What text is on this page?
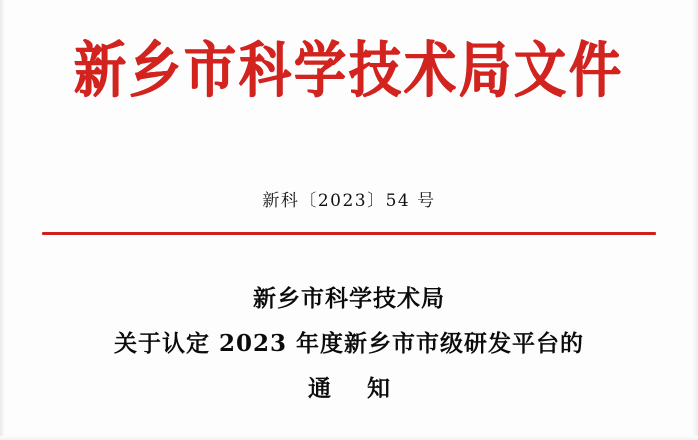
新乡市科学技术局文件
新科〔2023〕54 号
新乡市科学技术局
关于认定 2023 年度新乡市市级研发平台的
通 知
